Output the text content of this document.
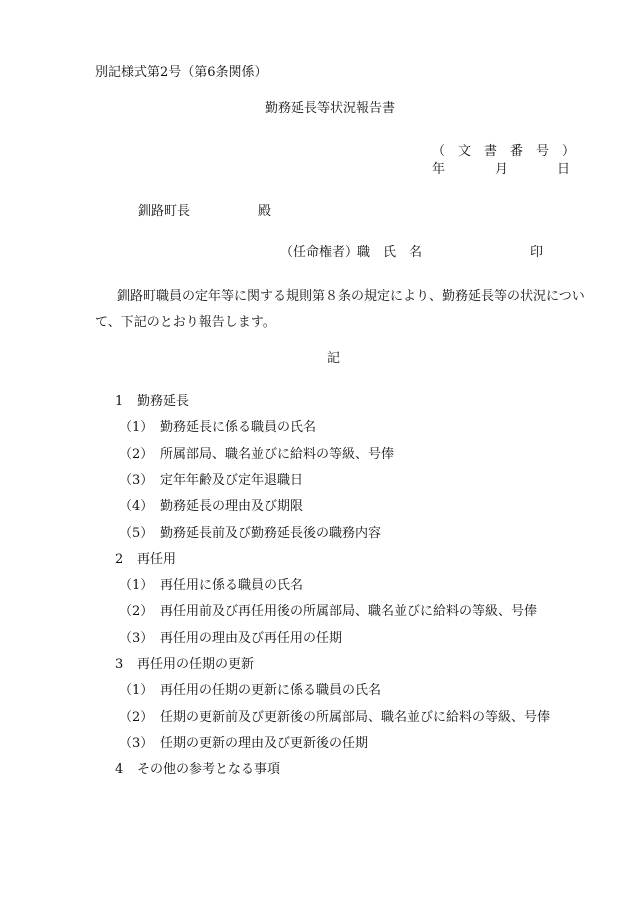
別記様式第2号（第6条関係）
勤務延長等状況報告書
（　文　書　番　号　）
年	月	日
釧路町長	殿
（任命権者）
職　氏　名	印
釧路町職員の定年等に関する規則第８条の規定により、勤務延長等の状況について、下記のとおり報告します。
記
1 勤務延長
（1） 勤務延長に係る職員の氏名
（2） 所属部局、職名並びに給料の等級、号俸
（3） 定年年齢及び定年退職日
（4） 勤務延長の理由及び期限
（5） 勤務延長前及び勤務延長後の職務内容
2 再任用
（1） 再任用に係る職員の氏名
（2） 再任用前及び再任用後の所属部局、職名並びに給料の等級、号俸
（3） 再任用の理由及び再任用の任期
3 再任用の任期の更新
（1） 再任用の任期の更新に係る職員の氏名
（2） 任期の更新前及び更新後の所属部局、職名並びに給料の等級、号俸
（3） 任期の更新の理由及び更新後の任期
4 その他の参考となる事項
